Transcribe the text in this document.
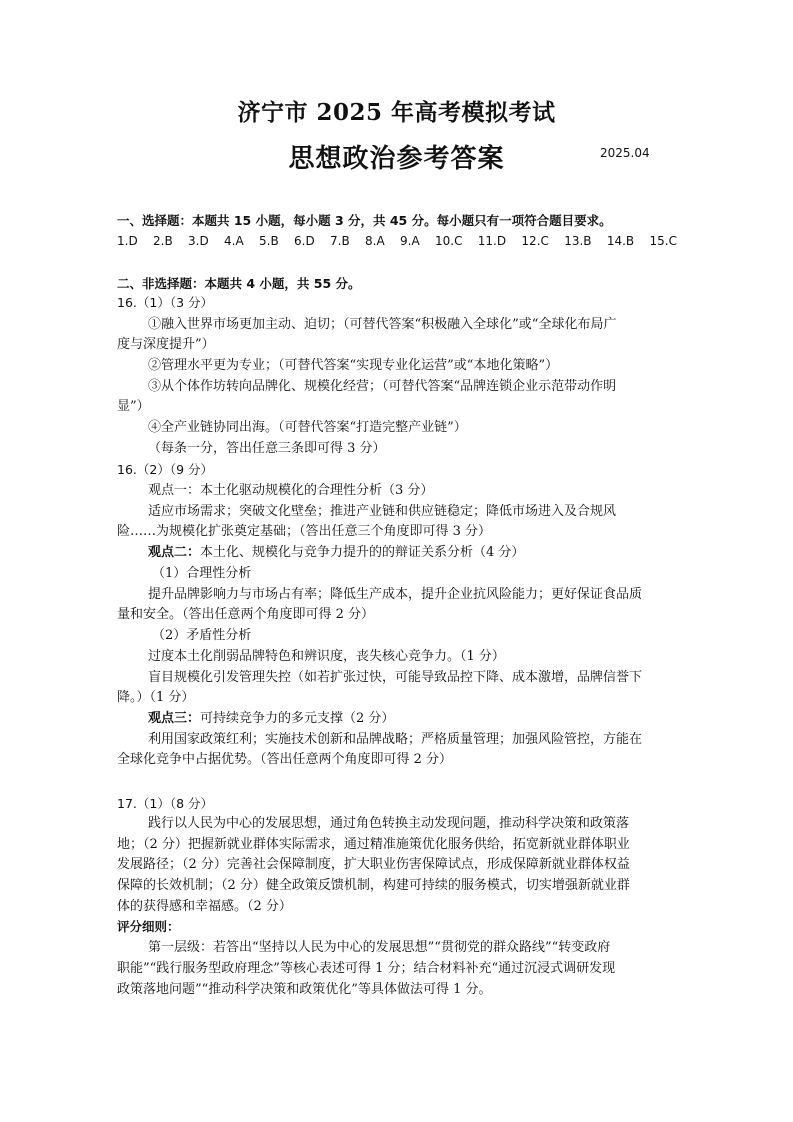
济宁市 2025 年高考模拟考试
思想政治参考答案	2025.04
一、选择题：本题共 15 小题，每小题 3 分，共 45 分。每小题只有一项符合题目要求。
1.D 2.B 3.D 4.A 5.B 6.D 7.B 8.A 9.A 10.C 11.D 12.C 13.B 14.B 15.C
二、非选择题：本题共 4 小题，共 55 分。
16.（1）（3 分）
①融入世界市场更加主动、迫切；（可替代答案“积极融入全球化”或“全球化布局广
度与深度提升”）
②管理水平更为专业；（可替代答案“实现专业化运营”或“本地化策略”）
③从个体作坊转向品牌化、规模化经营；（可替代答案“品牌连锁企业示范带动作明
显”）
④全产业链协同出海。（可替代答案“打造完整产业链”）
（每条一分，答出任意三条即可得 3 分）
16.（2）（9 分）
观点一：本土化驱动规模化的合理性分析（3 分）
适应市场需求；突破文化壁垒；推进产业链和供应链稳定；降低市场进入及合规风
险……为规模化扩张奠定基础；（答出任意三个角度即可得 3 分）
观点二：本土化、规模化与竞争力提升的的辩证关系分析（4 分）
（1）合理性分析
提升品牌影响力与市场占有率；降低生产成本，提升企业抗风险能力；更好保证食品质
量和安全。（答出任意两个角度即可得 2 分）
（2）矛盾性分析
过度本土化削弱品牌特色和辨识度，丧失核心竞争力。（1 分）
盲目规模化引发管理失控（如若扩张过快，可能导致品控下降、成本激增，品牌信誉下
降。）（1 分）
观点三：可持续竞争力的多元支撑（2 分）
利用国家政策红利；实施技术创新和品牌战略；严格质量管理；加强风险管控，方能在
全球化竞争中占据优势。（答出任意两个角度即可得 2 分）
17.（1）（8 分）
践行以人民为中心的发展思想，通过角色转换主动发现问题，推动科学决策和政策落
地；（2 分）把握新就业群体实际需求，通过精准施策优化服务供给，拓宽新就业群体职业
发展路径；（2 分）完善社会保障制度，扩大职业伤害保障试点，形成保障新就业群体权益
保障的长效机制；（2 分）健全政策反馈机制，构建可持续的服务模式，切实增强新就业群
体的获得感和幸福感。（2 分）
评分细则：
第一层级：若答出“坚持以人民为中心的发展思想”“贯彻党的群众路线”“转变政府
职能”“践行服务型政府理念”等核心表述可得 1 分；结合材料补充“通过沉浸式调研发现
政策落地问题”“推动科学决策和政策优化”等具体做法可得 1 分。
